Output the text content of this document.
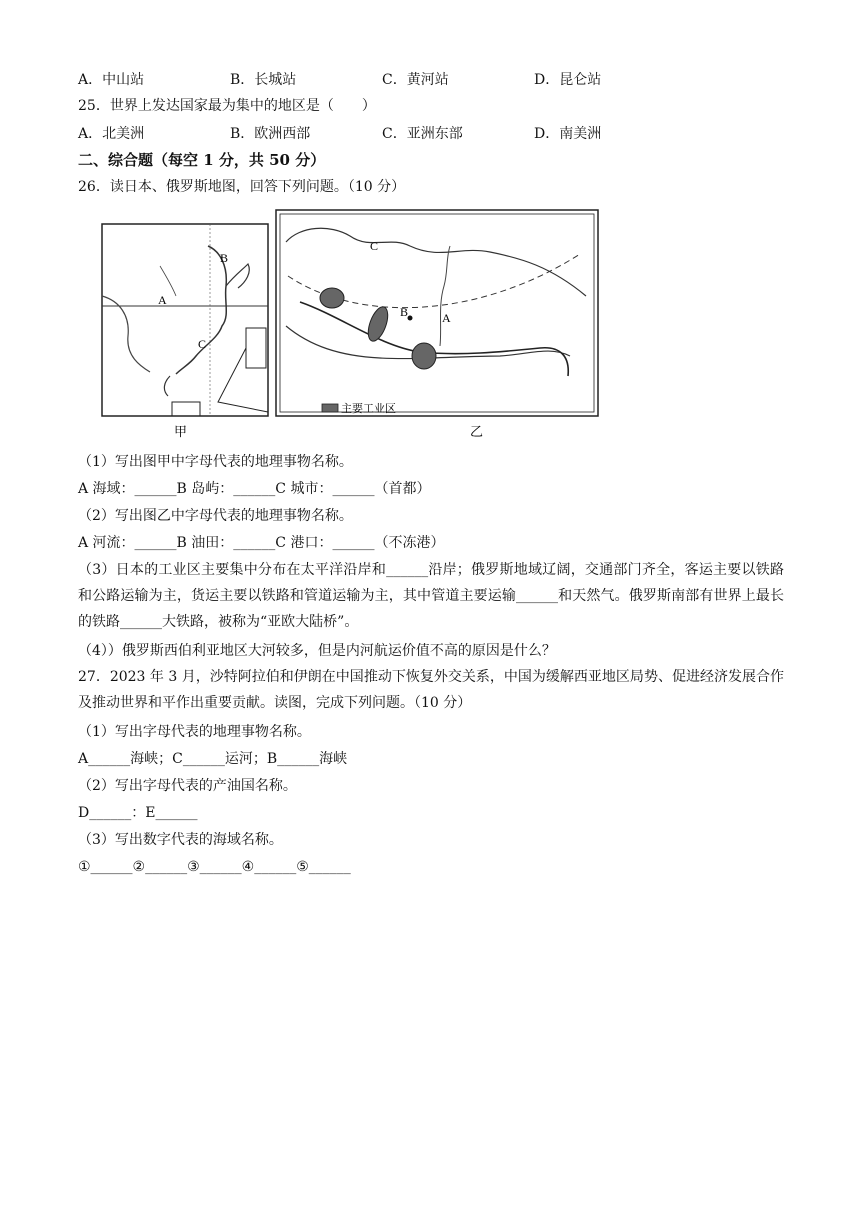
A．中山站	B．长城站	C．黄河站	D．昆仑站
25．世界上发达国家最为集中的地区是（　　）
A．北美洲	B．欧洲西部	C．亚洲东部	D．南美洲
二、综合题（每空 1 分，共 50 分）
26．读日本、俄罗斯地图，回答下列问题。（10 分）
B
A
C
C
B	A
主要工业区
甲	乙
（1）写出图甲中字母代表的地理事物名称。
A 海域：______B 岛屿：______C 城市：______（首都）
（2）写出图乙中字母代表的地理事物名称。
A 河流：______B 油田：______C 港口：______（不冻港）
（3）日本的工业区主要集中分布在太平洋沿岸和______沿岸；俄罗斯地域辽阔，交通部门齐全，客运主要以铁路和公路运输为主，货运主要以铁路和管道运输为主，其中管道主要运输______和天然气。俄罗斯南部有世界上最长的铁路______大铁路，被称为“亚欧大陆桥”。
（4））俄罗斯西伯利亚地区大河较多，但是内河航运价值不高的原因是什么？
27．2023 年 3 月，沙特阿拉伯和伊朗在中国推动下恢复外交关系，中国为缓解西亚地区局势、促进经济发展合作及推动世界和平作出重要贡献。读图，完成下列问题。（10 分）
（1）写出字母代表的地理事物名称。
A______海峡；C______运河；B______海峡
（2）写出字母代表的产油国名称。
D______：E______
（3）写出数字代表的海域名称。
①______②______③______④______⑤______
